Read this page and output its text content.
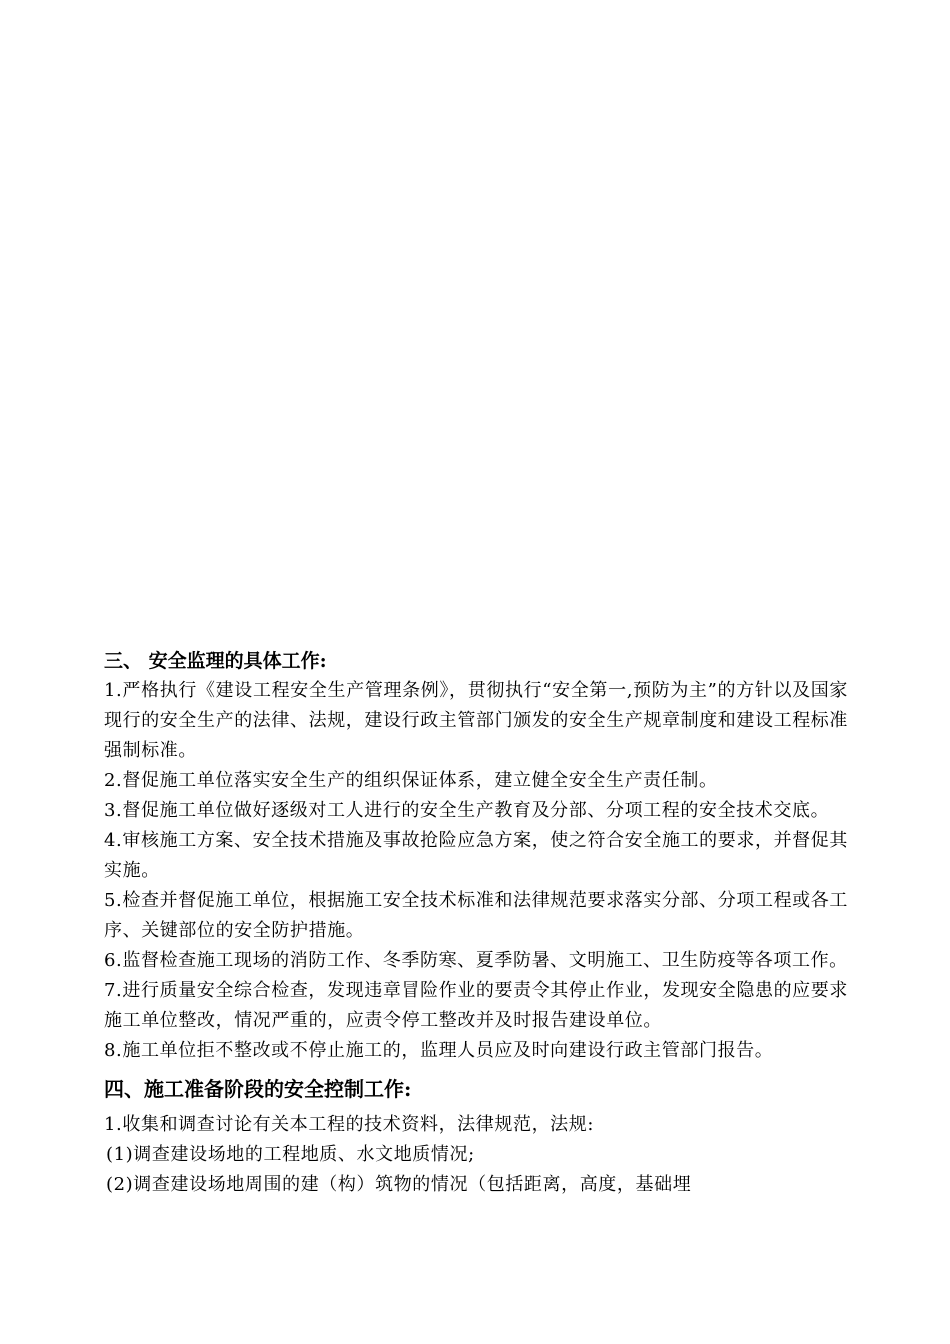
三、 安全监理的具体工作:

1.严格执行《建设工程安全生产管理条例》，贯彻执行“安全第一,预防为主”的方针以及国家现行的安全生产的法律、法规，建设行政主管部门颁发的安全生产规章制度和建设工程标准强制标准。

2.督促施工单位落实安全生产的组织保证体系，建立健全安全生产责任制。

3.督促施工单位做好逐级对工人进行的安全生产教育及分部、分项工程的安全技术交底。

4.审核施工方案、安全技术措施及事故抢险应急方案，使之符合安全施工的要求，并督促其实施。

5.检查并督促施工单位，根据施工安全技术标准和法律规范要求落实分部、分项工程或各工序、关键部位的安全防护措施。

6.监督检查施工现场的消防工作、冬季防寒、夏季防暑、文明施工、卫生防疫等各项工作。

7.进行质量安全综合检查，发现违章冒险作业的要责令其停止作业，发现安全隐患的应要求施工单位整改，情况严重的，应责令停工整改并及时报告建设单位。

8.施工单位拒不整改或不停止施工的，监理人员应及时向建设行政主管部门报告。

四、施工准备阶段的安全控制工作:

1.收集和调查讨论有关本工程的技术资料，法律规范，法规:

(1)调查建设场地的工程地质、水文地质情况;

(2)调查建设场地周围的建（构）筑物的情况（包括距离，高度，基础埋
